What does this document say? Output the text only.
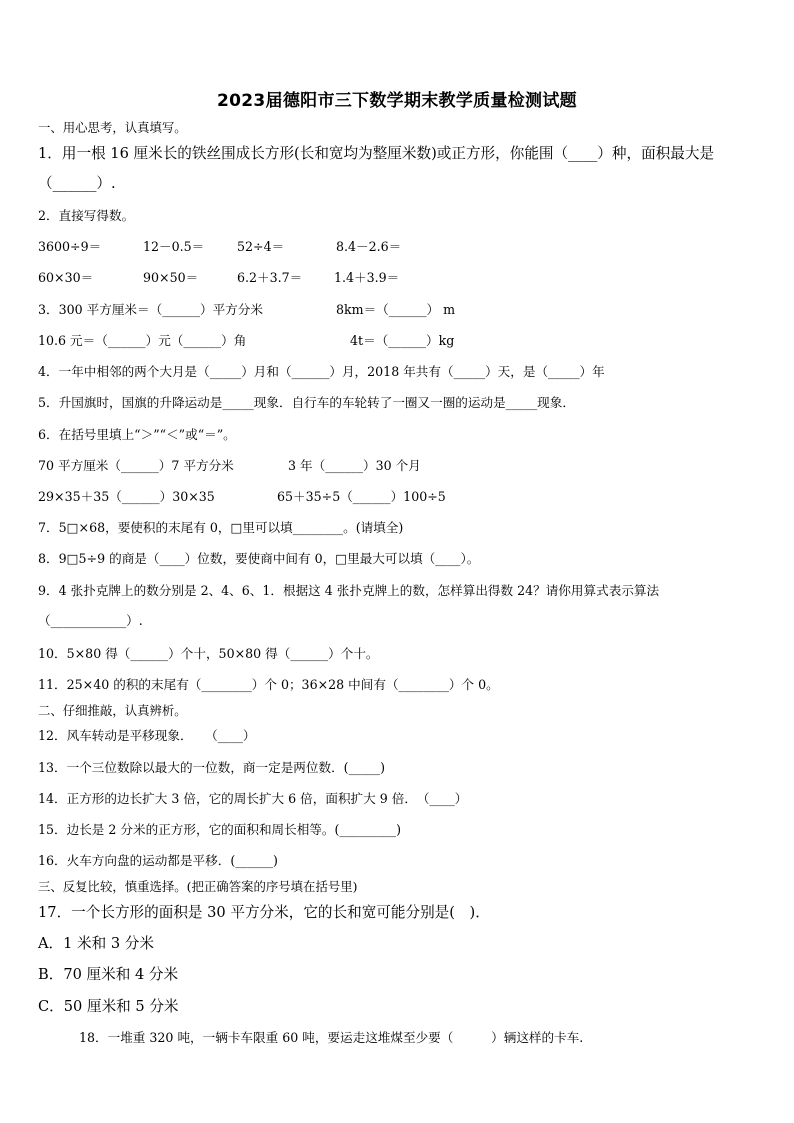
2023届德阳市三下数学期末教学质量检测试题
一、用心思考，认真填写。
1．用一根 16 厘米长的铁丝围成长方形(长和宽均为整厘米数)或正方形，你能围（____）种，面积最大是
（______）.
2．直接写得数。
3600÷9＝	12－0.5＝	52÷4＝	8.4－2.6＝
60×30＝	90×50＝	6.2＋3.7＝	1.4＋3.9＝
3．300 平方厘米＝（______）平方分米	8km＝（______） m
10.6 元＝（______）元（______）角	4t＝（______）kg
4．一年中相邻的两个大月是（_____）月和（______）月，2018 年共有（_____）天，是（_____）年
5．升国旗时，国旗的升降运动是_____现象．自行车的车轮转了一圈又一圈的运动是_____现象．
6．在括号里填上“＞”“＜”或“＝”。
70 平方厘米（______）7 平方分米	3 年（______）30 个月
29×35＋35（______）30×35	65＋35÷5（______）100÷5
7．5□×68，要使积的末尾有 0，□里可以填________。(请填全)
8．9□5÷9 的商是（____）位数，要使商中间有 0，□里最大可以填（____）。
9．4 张扑克牌上的数分别是 2、4、6、1．根据这 4 张扑克牌上的数，怎样算出得数 24？请你用算式表示算法
（____________）.
10．5×80 得（______）个十，50×80 得（______）个十。
11．25×40 的积的末尾有（________）个 0；36×28 中间有（________）个 0。
二、仔细推敲，认真辨析。
12．风车转动是平移现象．　　（____）
13．一个三位数除以最大的一位数，商一定是两位数．(_____)
14．正方形的边长扩大 3 倍，它的周长扩大 6 倍，面积扩大 9 倍．　（____）
15．边长是 2 分米的正方形，它的面积和周长相等。(_________)
16．火车方向盘的运动都是平移．(______)
三、反复比较，慎重选择。(把正确答案的序号填在括号里)
17．一个长方形的面积是 30 平方分米，它的长和宽可能分别是(　)．
A．1 米和 3 分米
B．70 厘米和 4 分米
C．50 厘米和 5 分米
18．一堆重 320 吨，一辆卡车限重 60 吨，要运走这堆煤至少要（　　　）辆这样的卡车.
